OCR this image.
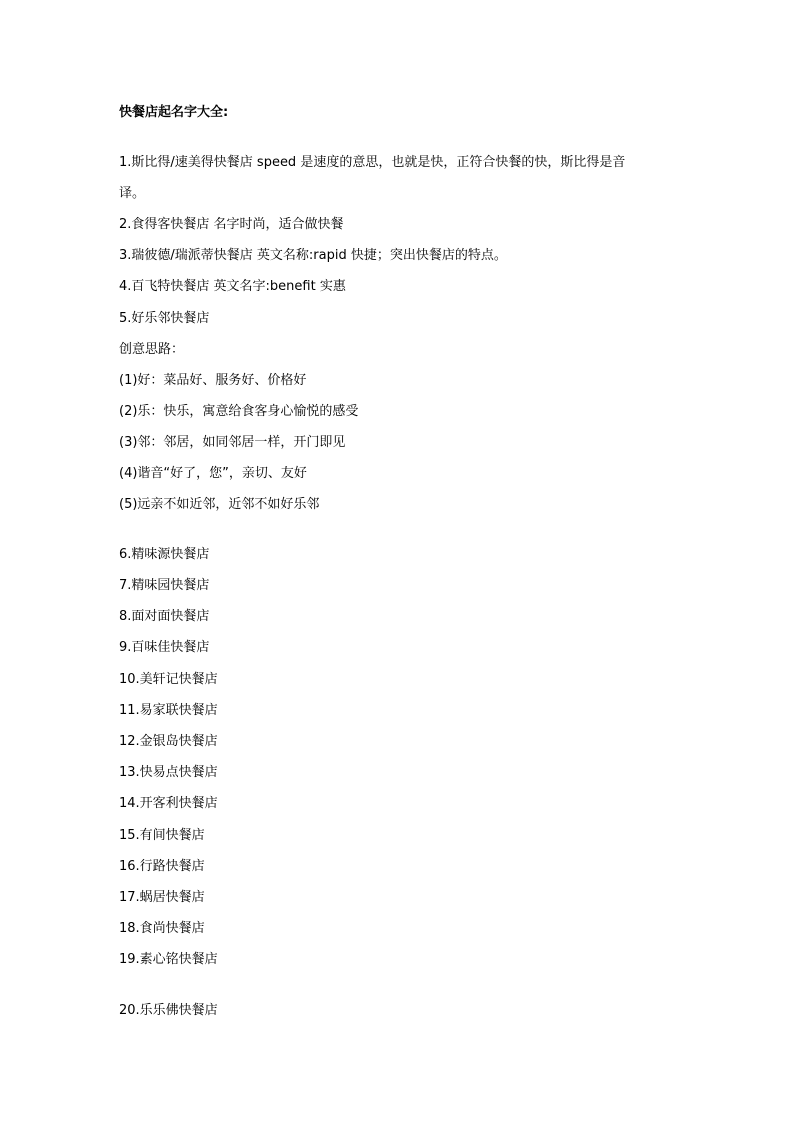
快餐店起名字大全:
1.斯比得/速美得快餐店 speed 是速度的意思，也就是快，正符合快餐的快，斯比得是音
译。
2.食得客快餐店 名字时尚，适合做快餐
3.瑞彼德/瑞派蒂快餐店 英文名称:rapid 快捷；突出快餐店的特点。
4.百飞特快餐店 英文名字:benefit 实惠
5.好乐邻快餐店
创意思路：
(1)好：菜品好、服务好、价格好
(2)乐：快乐，寓意给食客身心愉悦的感受
(3)邻：邻居，如同邻居一样，开门即见
(4)谐音“好了，您”，亲切、友好
(5)远亲不如近邻，近邻不如好乐邻
6.精味源快餐店
7.精味园快餐店
8.面对面快餐店
9.百味佳快餐店
10.美轩记快餐店
11.易家联快餐店
12.金银岛快餐店
13.快易点快餐店
14.开客利快餐店
15.有间快餐店
16.行路快餐店
17.蜗居快餐店
18.食尚快餐店
19.素心铭快餐店
20.乐乐佛快餐店
